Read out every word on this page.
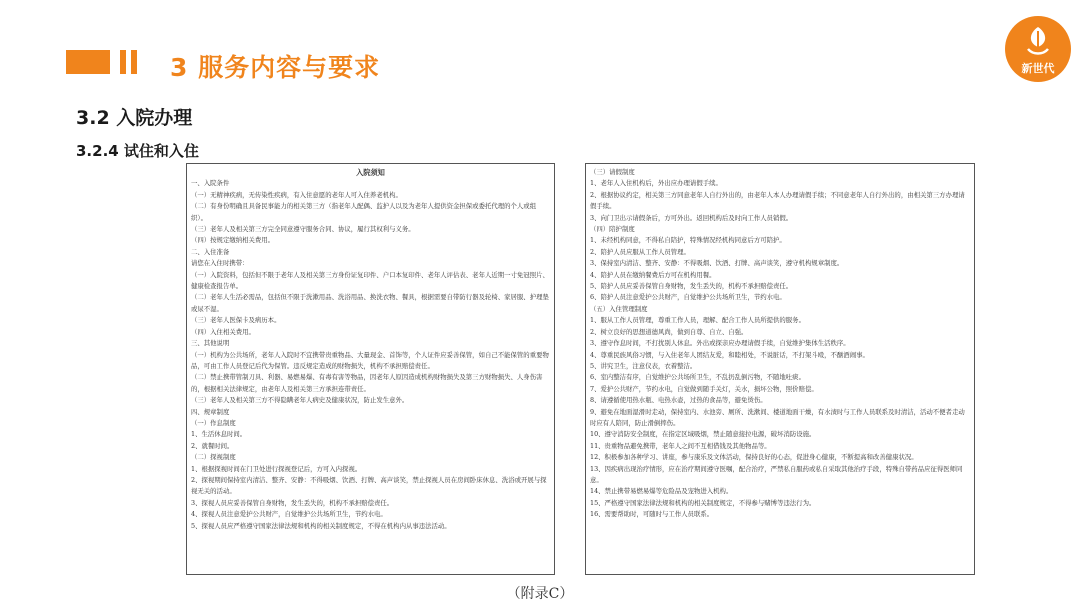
3 服务内容与要求	新世代
3.2 入院办理
3.2.4 试住和入住
入院须知

一、入院条件

（一）无精神疾病，无传染性疾病，有入住意愿的老年人可入住养老机构。

（二）有身份明确且具备民事能力的相关第三方（指老年人配偶、监护人以及为老年人提供资金担保或委托代理的个人或组织）。

（三）老年人及相关第三方完全同意遵守服务合同、协议，履行其权利与义务。

（四）按规定缴纳相关费用。

二、入住准备

请您在入住时携带：

（一）入院资料，包括但不限于老年人及相关第三方身份证复印件、户口本复印件、老年人评估表、老年人近期一寸免冠照片、健康检查报告单。

（二）老年人生活必需品，包括但不限于洗漱用品、洗浴用品、换洗衣物、餐具，根据需要自带防行器及轮椅、家居服、护理垫或尿不湿。

（三）老年人医保卡及病历本。

（四）入住相关费用。

三、其他说明

（一）机构为公共场所，老年人入院时不宜携带贵重物品、大量现金、首饰等，个人证件应妥善保管，如自己不能保管的重要物品，可由工作人员登记后代为保管。违反规定造成的财物损失，机构不承担赔偿责任。

（二）禁止携带管制刀具、利器、易燃易爆、有毒有害等物品，因老年人原因造成机构财物损失及第三方财物损失、人身伤害的，根据相关法律规定，由老年人及相关第三方承担连带责任。

（三）老年人及相关第三方不得隐瞒老年人病史及健康状况，防止发生意外。

四、规章制度

（一）作息制度

1、生活休息时间。

2、就餐时间。

（二）探视制度

1、根据探视时间在门卫处进行探视登记后，方可入内探视。

2、探视期间保持室内清洁、整齐、安静：不得吸烟、饮酒、打牌、高声谈笑，禁止探视人员在房间卧床休息、洗浴或开展与探视无关的活动。

3、探视人员应妥善保管自身财物，发生丢失的，机构不承担赔偿责任。

4、探视人员注意爱护公共财产，自觉维护公共场所卫生，节约水电。

5、探视人员应严格遵守国家法律法规和机构的相关制度规定，不得在机构内从事违法活动。

（三）请假制度

1、老年人入住机构后，外出应办理请假手续。

2、根据协议约定，相关第三方同意老年人自行外出的，由老年人本人办理请假手续；不同意老年人自行外出的，由相关第三方办理请假手续。

3、向门卫出示请假条后，方可外出。返回机构后及时向工作人员销假。

（四）陪护制度

1、未经机构同意，不得私自陪护，特殊情况经机构同意后方可陪护。

2、陪护人员应服从工作人员管理。

3、保持室内清洁、整齐、安静：不得吸烟、饮酒、打牌、高声谈笑，遵守机构规章制度。

4、陪护人员在缴纳餐费后方可在机构用餐。

5、陪护人员应妥善保管自身财物，发生丢失的，机构不承担赔偿责任。

6、陪护人员注意爱护公共财产，自觉维护公共场所卫生，节约水电。

（五）入住管理制度

1、服从工作人员管理，尊重工作人员，理解、配合工作人员所提供的服务。

2、树立良好的思想道德风尚，做到自尊、自立、自强。

3、遵守作息时间，不打扰别人休息。外出或探亲应办理请假手续，自觉维护集体生活秩序。

4、尊重民族风俗习惯，与入住老年人团结友爱，和睦相处，不说脏话，不打架斗殴，不酗酒闹事。

5、讲究卫生，注意仪表，衣着整洁。

6、室内整洁有序，自觉维护公共场所卫生，不乱扔乱倒污物，不随地吐痰。

7、爱护公共财产，节约水电，自觉做到随手关灯，关水，损坏公物，照价赔偿。

8、请遵循使用热水瓶、电热水壶，过热的食品等，避免烫伤。

9、避免在地面湿滑时走动，保持室内、水池旁、厕所、洗漱间、楼道地面干燥，有水渍时与工作人员联系及时清洁，活动不便者走动时应有人陪同，防止滑倒摔伤。

10、遵守消防安全制度，在指定区域吸烟，禁止随意接拉电源，破坏消防设施。

11、贵重物品避免携带，老年人之间不互相借钱及其他物品等。

12、积极参加各种学习、讲座，参与康乐及文体活动，保持良好的心态，促进身心健康，不断提高和改善健康状况。

13、因疾病出现治疗情形，应在治疗期间遵守医嘱，配合治疗，严禁私自服药或私自采取其他治疗手段，特殊自带药品应征得医师同意。

14、禁止携带易燃易爆等危险品及宠物进入机构。

15、严格遵守国家法律法规和机构的相关制度规定，不得参与赌博等违法行为。

16、需要帮助时，可随时与工作人员联系。

（附录C）
